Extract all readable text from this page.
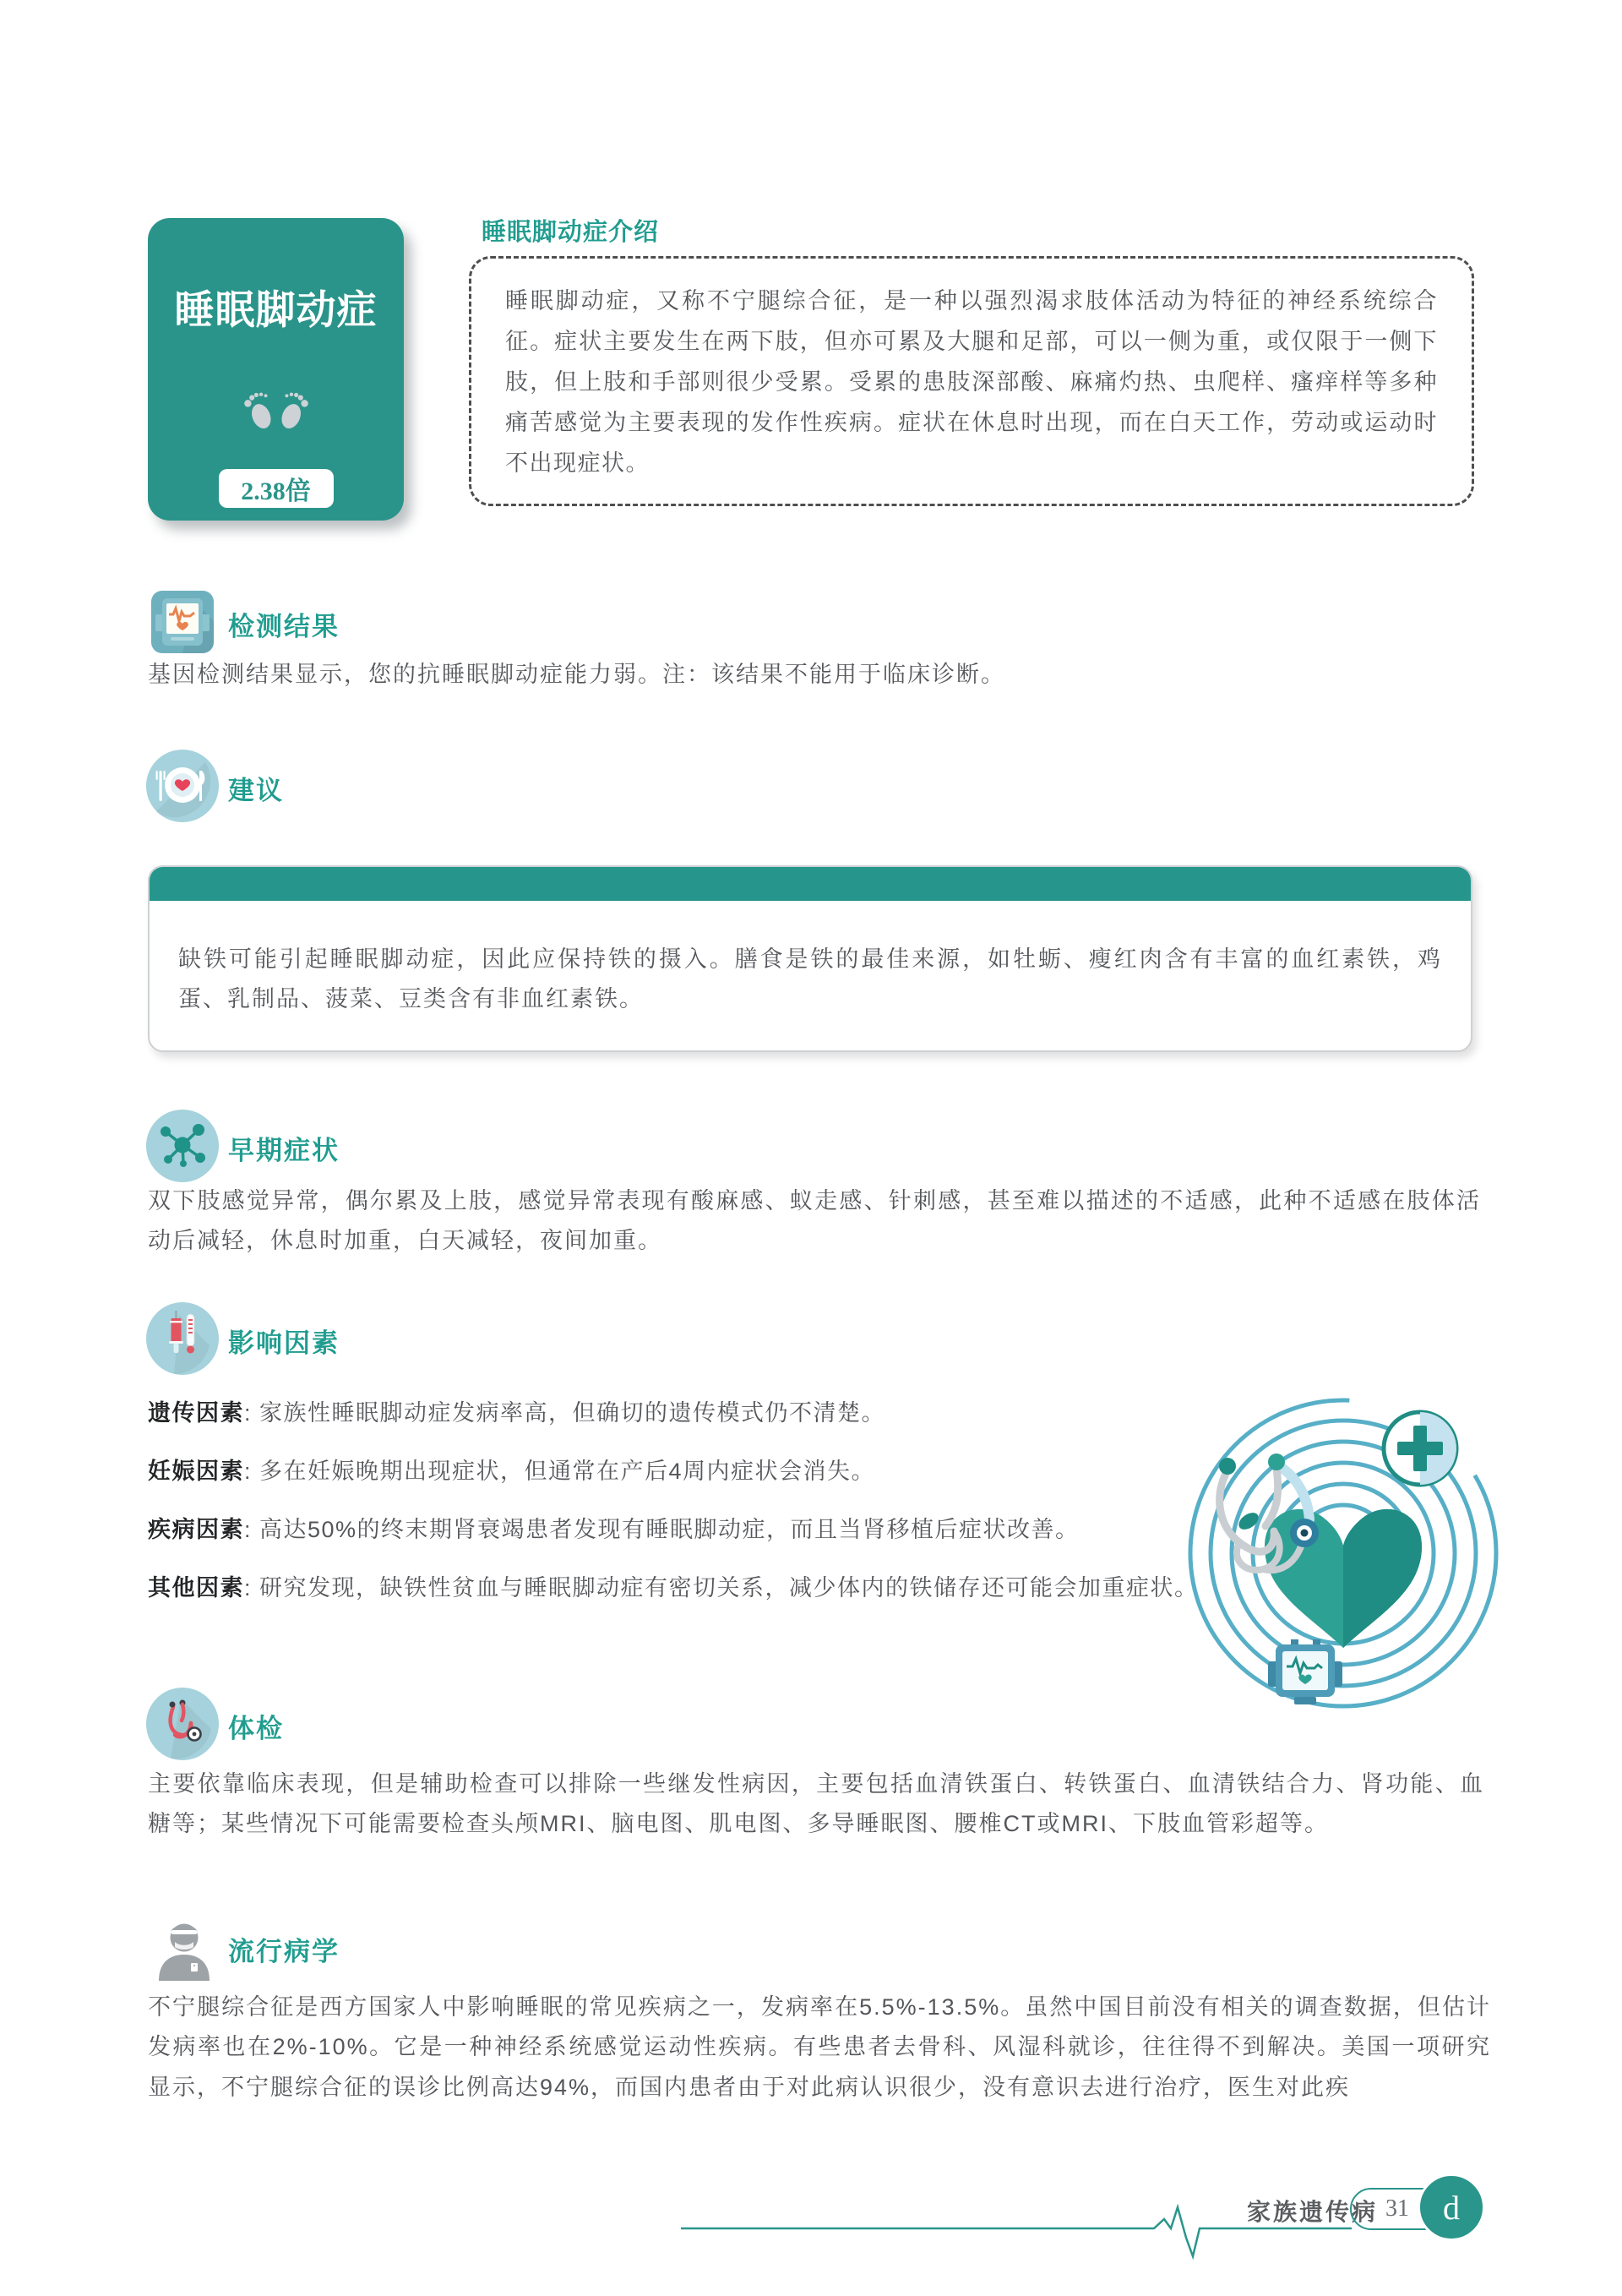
睡眠脚动症
2.38倍
睡眠脚动症介绍
睡眠脚动症，又称不宁腿综合征，是一种以强烈渴求肢体活动为特征的神经系统综合征。症状主要发生在两下肢，但亦可累及大腿和足部，可以一侧为重，或仅限于一侧下肢，但上肢和手部则很少受累。受累的患肢深部酸、麻痛灼热、虫爬样、瘙痒样等多种痛苦感觉为主要表现的发作性疾病。症状在休息时出现，而在白天工作，劳动或运动时不出现症状。
检测结果
基因检测结果显示，您的抗睡眠脚动症能力弱。注：该结果不能用于临床诊断。
建议
缺铁可能引起睡眠脚动症，因此应保持铁的摄入。膳食是铁的最佳来源，如牡蛎、瘦红肉含有丰富的血红素铁，鸡蛋、乳制品、菠菜、豆类含有非血红素铁。
早期症状
双下肢感觉异常，偶尔累及上肢，感觉异常表现有酸麻感、蚁走感、针刺感，甚至难以描述的不适感，此种不适感在肢体活动后减轻，休息时加重，白天减轻，夜间加重。
影响因素
遗传因素: 家族性睡眠脚动症发病率高，但确切的遗传模式仍不清楚。
妊娠因素: 多在妊娠晚期出现症状，但通常在产后4周内症状会消失。
疾病因素: 高达50%的终末期肾衰竭患者发现有睡眠脚动症，而且当肾移植后症状改善。
其他因素: 研究发现，缺铁性贫血与睡眠脚动症有密切关系，减少体内的铁储存还可能会加重症状。
体检
主要依靠临床表现，但是辅助检查可以排除一些继发性病因，主要包括血清铁蛋白、转铁蛋白、血清铁结合力、肾功能、血糖等；某些情况下可能需要检查头颅MRI、脑电图、肌电图、多导睡眠图、腰椎CT或MRI、下肢血管彩超等。
流行病学
不宁腿综合征是西方国家人中影响睡眠的常见疾病之一，发病率在5.5%-13.5%。虽然中国目前没有相关的调查数据，但估计发病率也在2%-10%。它是一种神经系统感觉运动性疾病。有些患者去骨科、风湿科就诊，往往得不到解决。美国一项研究显示，不宁腿综合征的误诊比例高达94%，而国内患者由于对此病认识很少，没有意识去进行治疗，医生对此疾
家族遗传病 31 d
